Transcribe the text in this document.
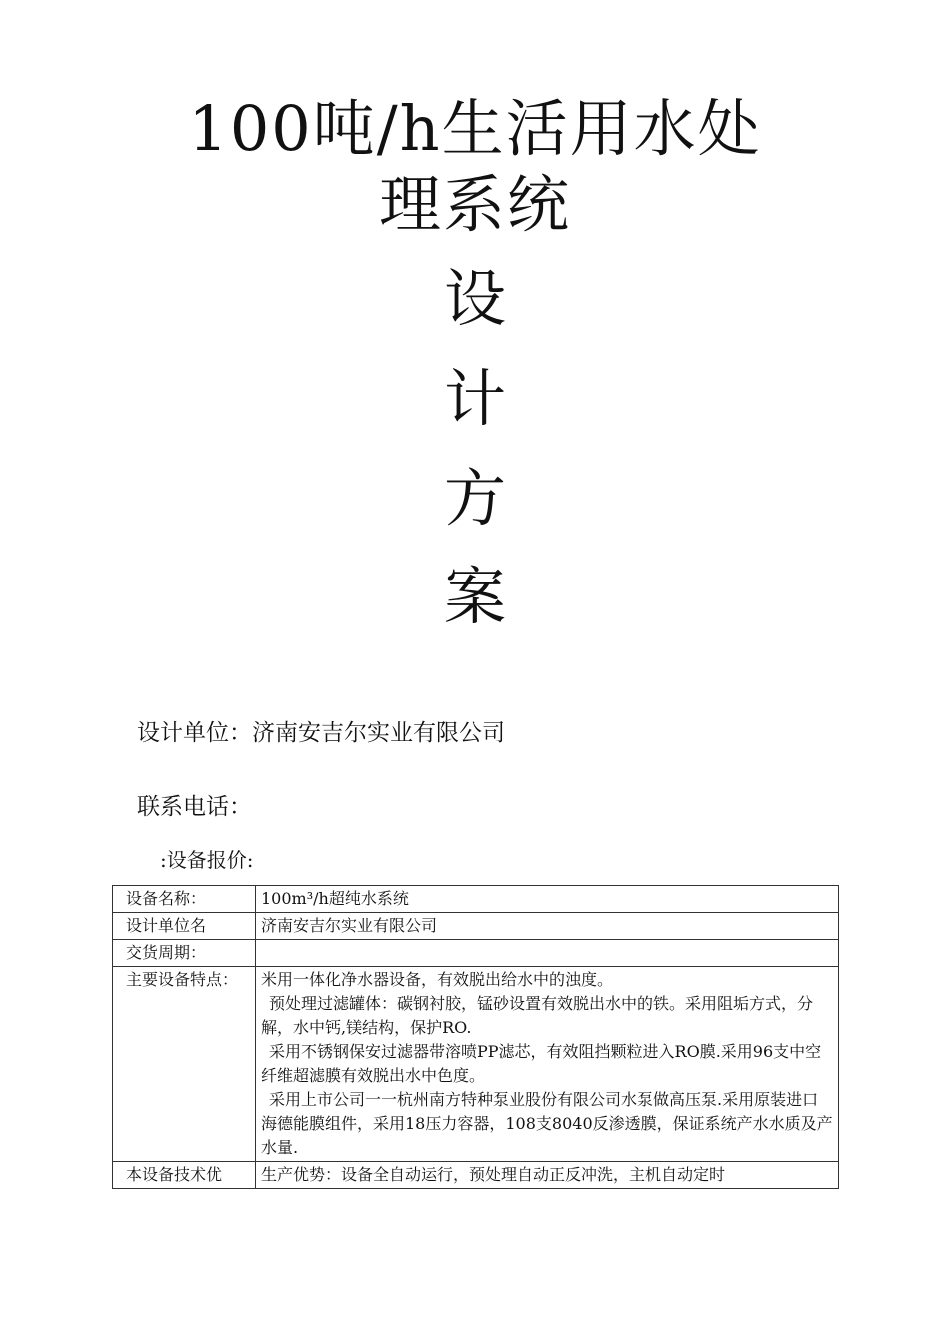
100吨/h生活用水处
理系统
设
计
方
案
设计单位：济南安吉尔实业有限公司
联系电话：
:设备报价:
设备名称：	100m³/h超纯水系统
设计单位名	济南安吉尔实业有限公司
交货周期：	
主要设备特点：	米用一体化净水器设备，有效脱出给水中的浊度。
预处理过滤罐体：碳钢衬胶，锰砂设置有效脱出水中的铁。采用阻垢方式，分解，水中钙,镁结构，保护RO.
采用不锈钢保安过滤器带溶喷PP滤芯，有效阻挡颗粒进入RO膜.采用96支中空纤维超滤膜有效脱出水中色度。
采用上市公司一一杭州南方特种泵业股份有限公司水泵做高压泵.采用原装进口海德能膜组件，采用18压力容器，108支8040反渗透膜，保证系统产水水质及产水量.

本设备技术优	生产优势：设备全自动运行，预处理自动正反冲洗，主机自动定时
